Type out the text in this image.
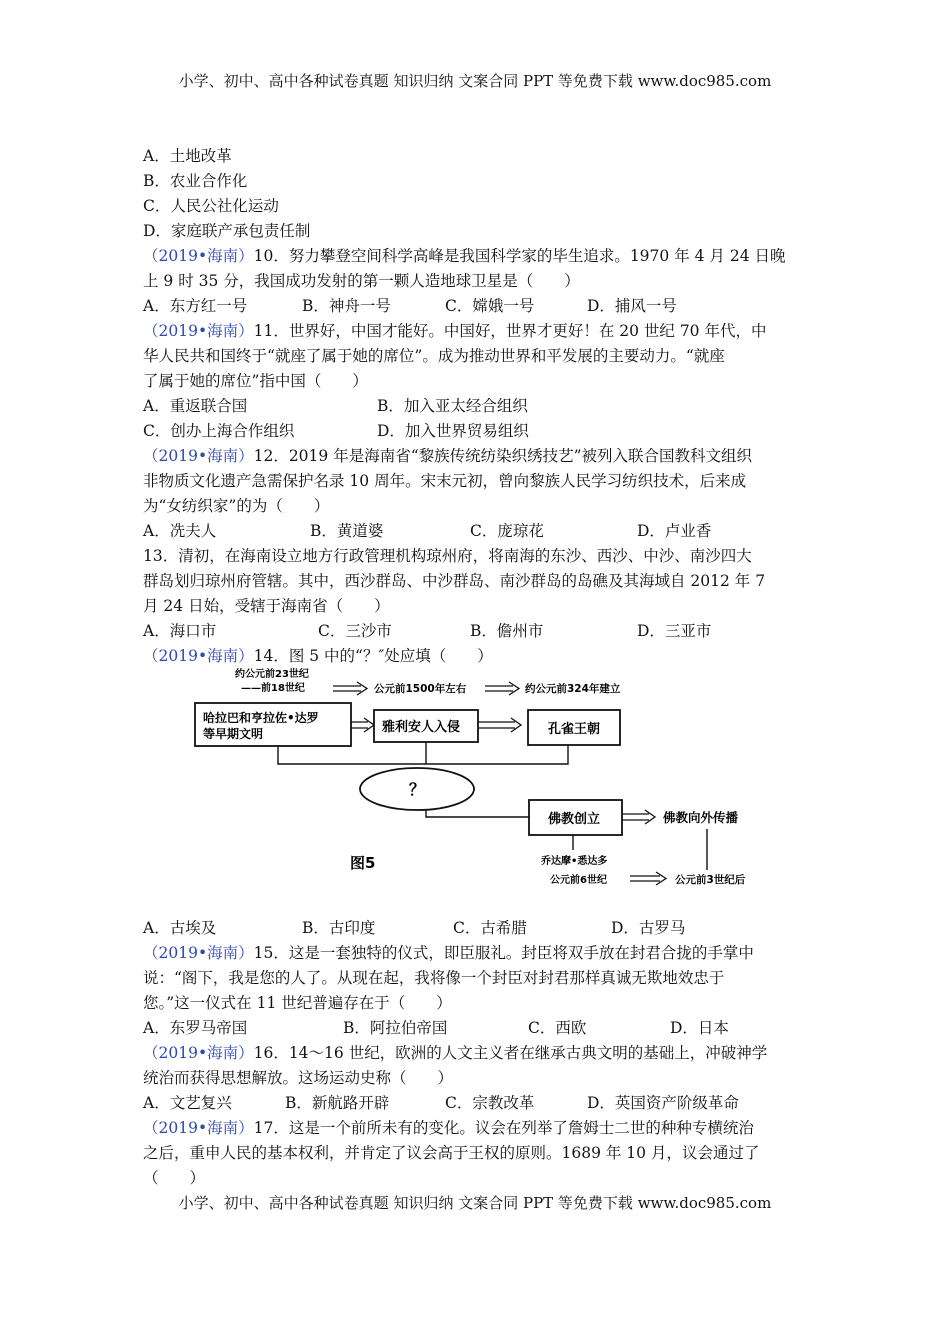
小学、初中、高中各种试卷真题 知识归纳 文案合同 PPT 等免费下载 www.doc985.com
A．土地改革
B．农业合作化
C．人民公社化运动
D．家庭联产承包责任制
（2019•海南）10．努力攀登空间科学高峰是我国科学家的毕生追求。1970 年 4 月 24 日晚
上 9 时 35 分，我国成功发射的第一颗人造地球卫星是（　　）
A．东方红一号	B．神舟一号	C．嫦娥一号	D．捕风一号
（2019•海南）11．世界好，中国才能好。中国好，世界才更好！在 20 世纪 70 年代，中
华人民共和国终于“就座了属于她的席位”。成为推动世界和平发展的主要动力。“就座
了属于她的席位”指中国（　　）
A．重返联合国	B．加入亚太经合组织
C．创办上海合作组织	D．加入世界贸易组织
（2019•海南）12．2019 年是海南省“黎族传统纺染织绣技艺”被列入联合国教科文组织
非物质文化遗产急需保护名录 10 周年。宋末元初，曾向黎族人民学习纺织技术，后来成
为“女纺织家”的为（　　）
A．冼夫人	B．黄道婆	C．庞琼花	D．卢业香
13．清初，在海南设立地方行政管理机构琼州府，将南海的东沙、西沙、中沙、南沙四大
群岛划归琼州府管辖。其中，西沙群岛、中沙群岛、南沙群岛的岛礁及其海域自 2012 年 7
月 24 日始，受辖于海南省（　　）
A．海口市	C．三沙市	B．儋州市	D．三亚市
（2019•海南）14．图 5 中的“？″处应填（　　）
约公元前23世纪
——前18世纪	公元前1500年左右	约公元前324年建立
哈拉巴和亨拉佐•达罗
等早期文明	雅利安人入侵	孔雀王朝
？
佛教创立	佛教向外传播
图5	乔达摩•悉达多
公元前6世纪	公元前3世纪后
A．古埃及	B．古印度	C．古希腊	D．古罗马
（2019•海南）15．这是一套独特的仪式，即臣服礼。封臣将双手放在封君合拢的手掌中
说：“阁下，我是您的人了。从现在起，我将像一个封臣对封君那样真诚无欺地效忠于
您。”这一仪式在 11 世纪普遍存在于（　　）
A．东罗马帝国	B．阿拉伯帝国	C．西欧	D．日本
（2019•海南）16．14～16 世纪，欧洲的人文主义者在继承古典文明的基础上，冲破神学
统治而获得思想解放。这场运动史称（　　）
A．文艺复兴	B．新航路开辟	C．宗教改革	D．英国资产阶级革命
（2019•海南）17．这是一个前所未有的变化。议会在列举了詹姆士二世的种种专横统治
之后，重申人民的基本权利，并肯定了议会高于王权的原则。1689 年 10 月，议会通过了
（　　）
小学、初中、高中各种试卷真题 知识归纳 文案合同 PPT 等免费下载 www.doc985.com
